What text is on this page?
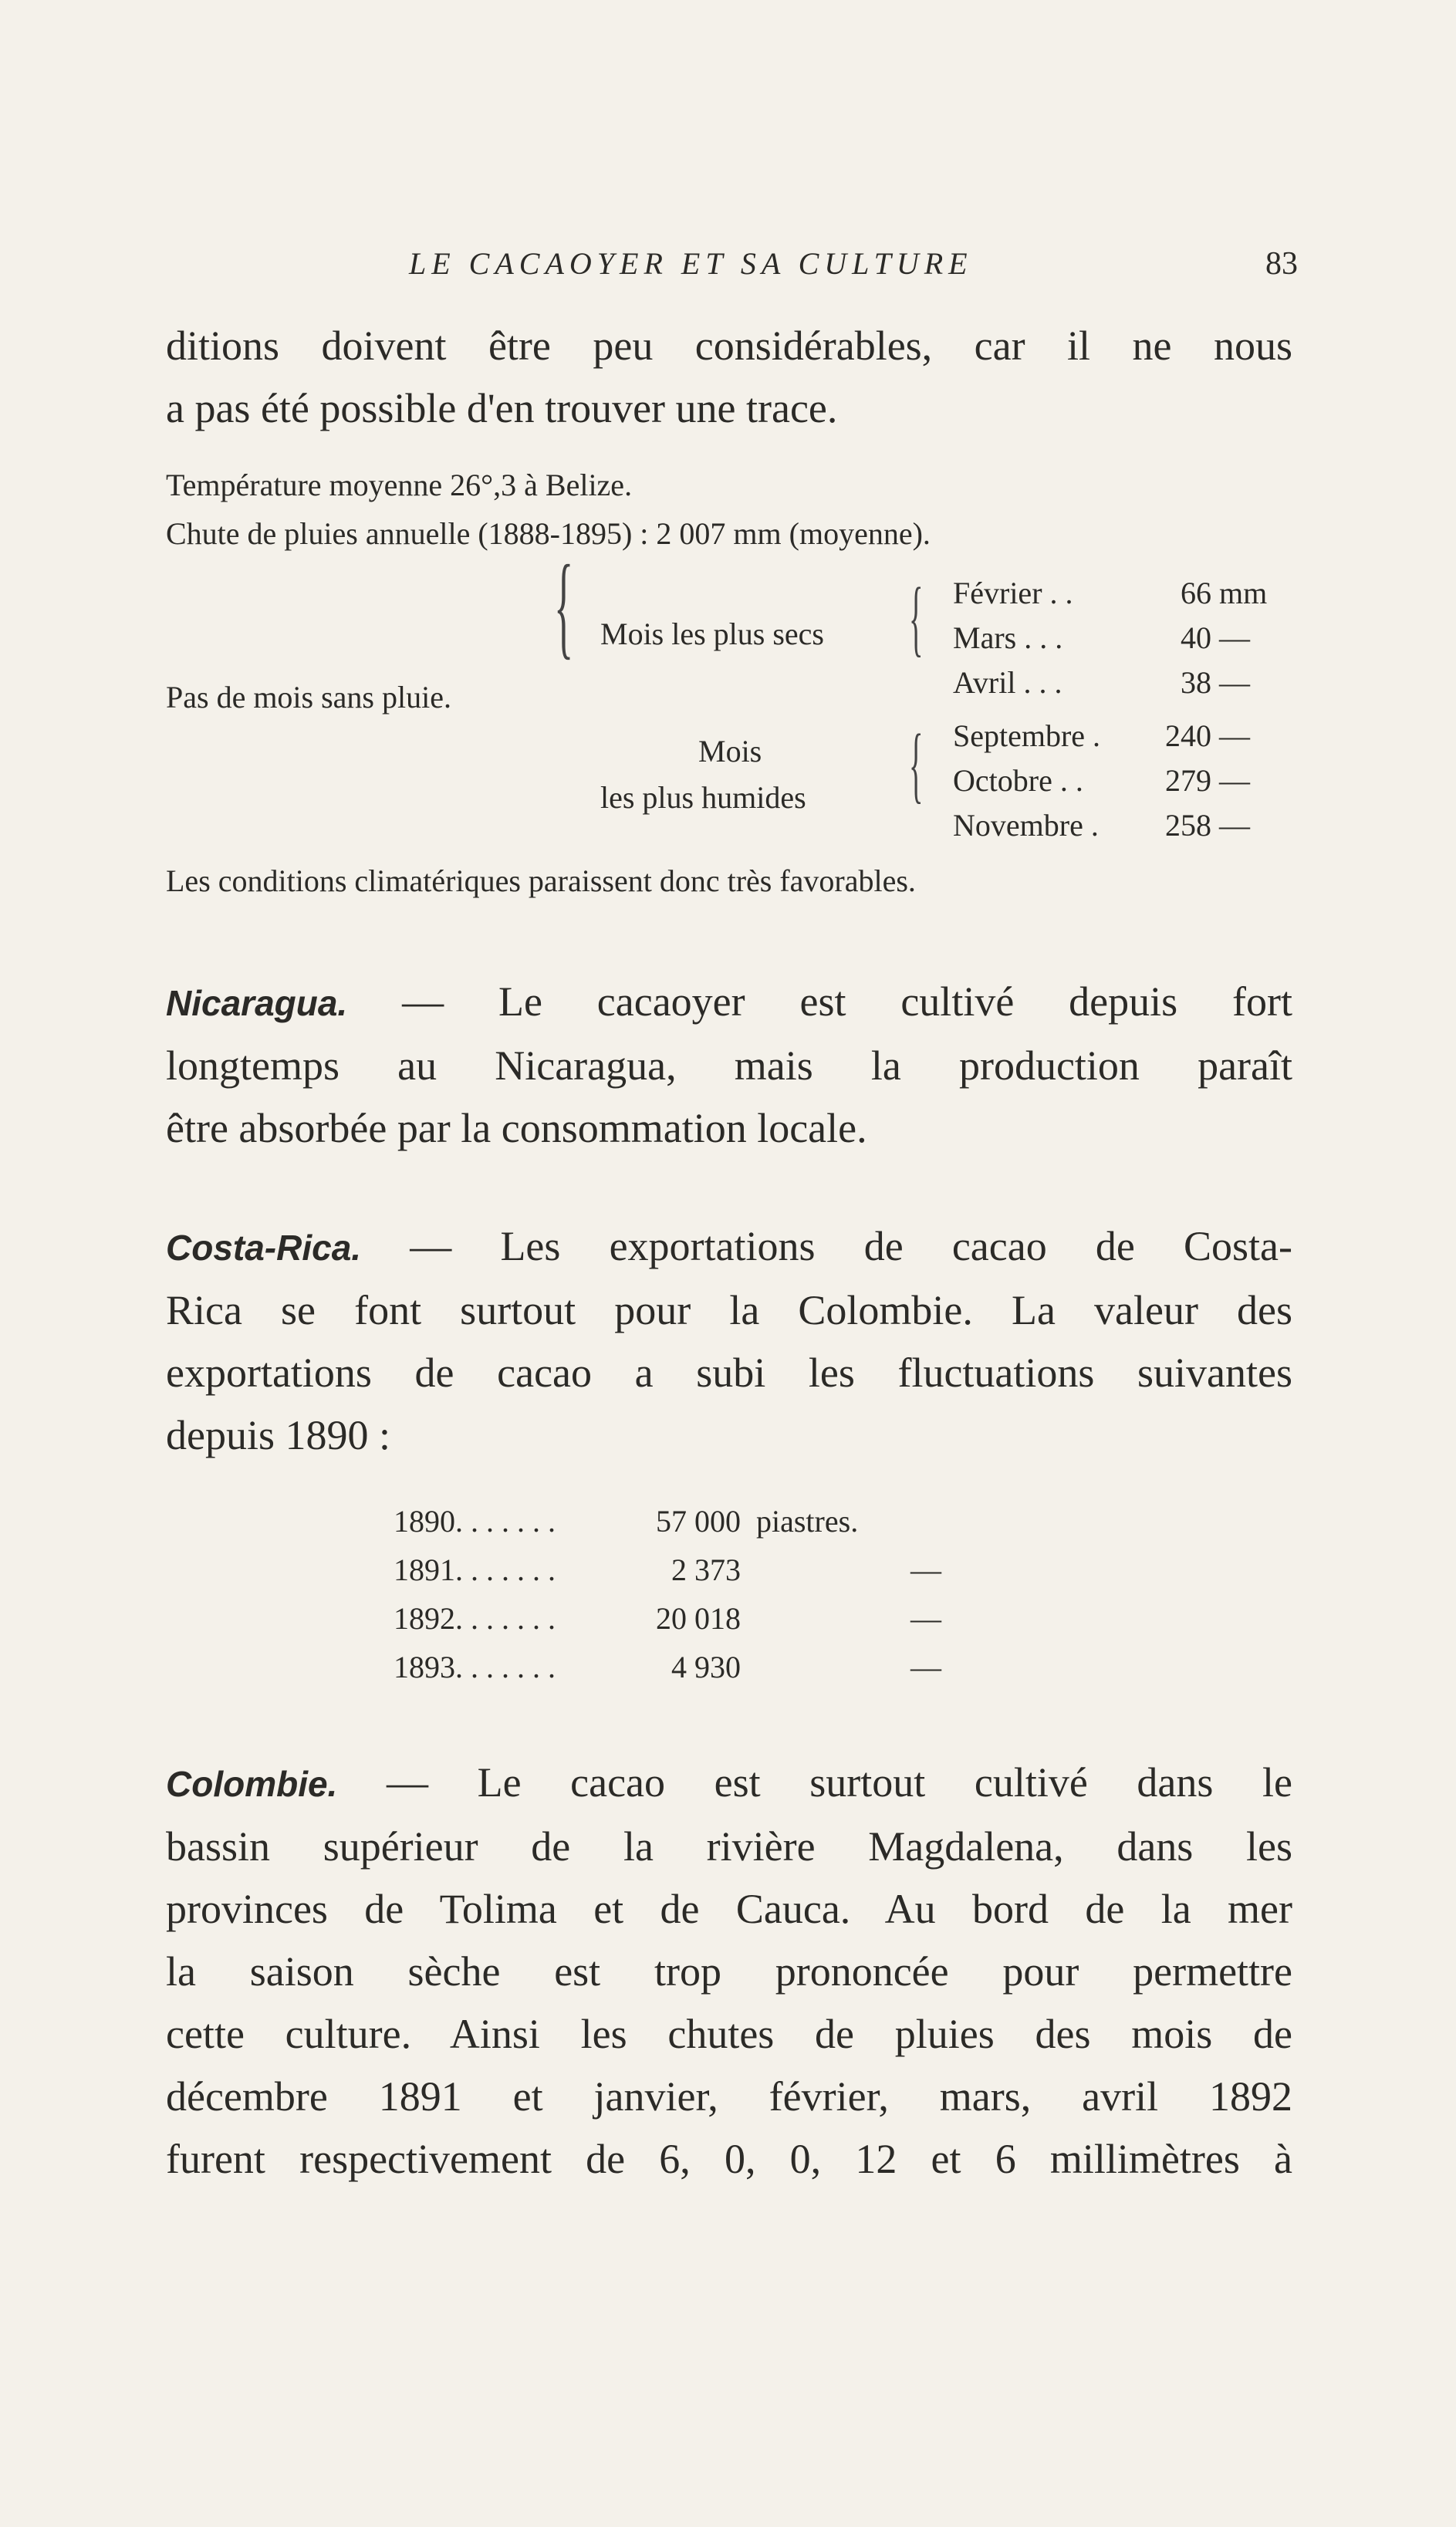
LE CACAOYER ET SA CULTURE	83
ditions doivent être peu considérables, car il ne nous
a pas été possible d'en trouver une trace.
Température moyenne 26°,3 à Belize.
Chute de pluies annuelle (1888-1895) : 2 007 mm (moyenne).
Pas de mois sans pluie.
{ Mois les plus secs
Mois
les plus humides
{
{
Février . .	66 mm
Mars . . .	40 —
Avril . . .	38 —
Septembre . 240 —
Octobre . .	279 —
Novembre . 258 —
Les conditions climatériques paraissent donc très favorables.
Nicaragua. — Le cacaoyer est cultivé depuis fort
longtemps au Nicaragua, mais la production paraît
être absorbée par la consommation locale.
Costa-Rica. — Les exportations de cacao de Costa-
Rica se font surtout pour la Colombie. La valeur des
exportations de cacao a subi les fluctuations suivantes
depuis 1890 :
1890. . . . . . .	57 000 piastres.
1891. . . . . . .	2 373	—
1892. . . . . . .	20 018	—
1893. . . . . . .	4 930	—
Colombie. — Le cacao est surtout cultivé dans le
bassin supérieur de la rivière Magdalena, dans les
provinces de Tolima et de Cauca. Au bord de la mer
la saison sèche est trop prononcée pour permettre
cette culture. Ainsi les chutes de pluies des mois de
décembre 1891 et janvier, février, mars, avril 1892
furent respectivement de 6, 0, 0, 12 et 6 millimètres à
